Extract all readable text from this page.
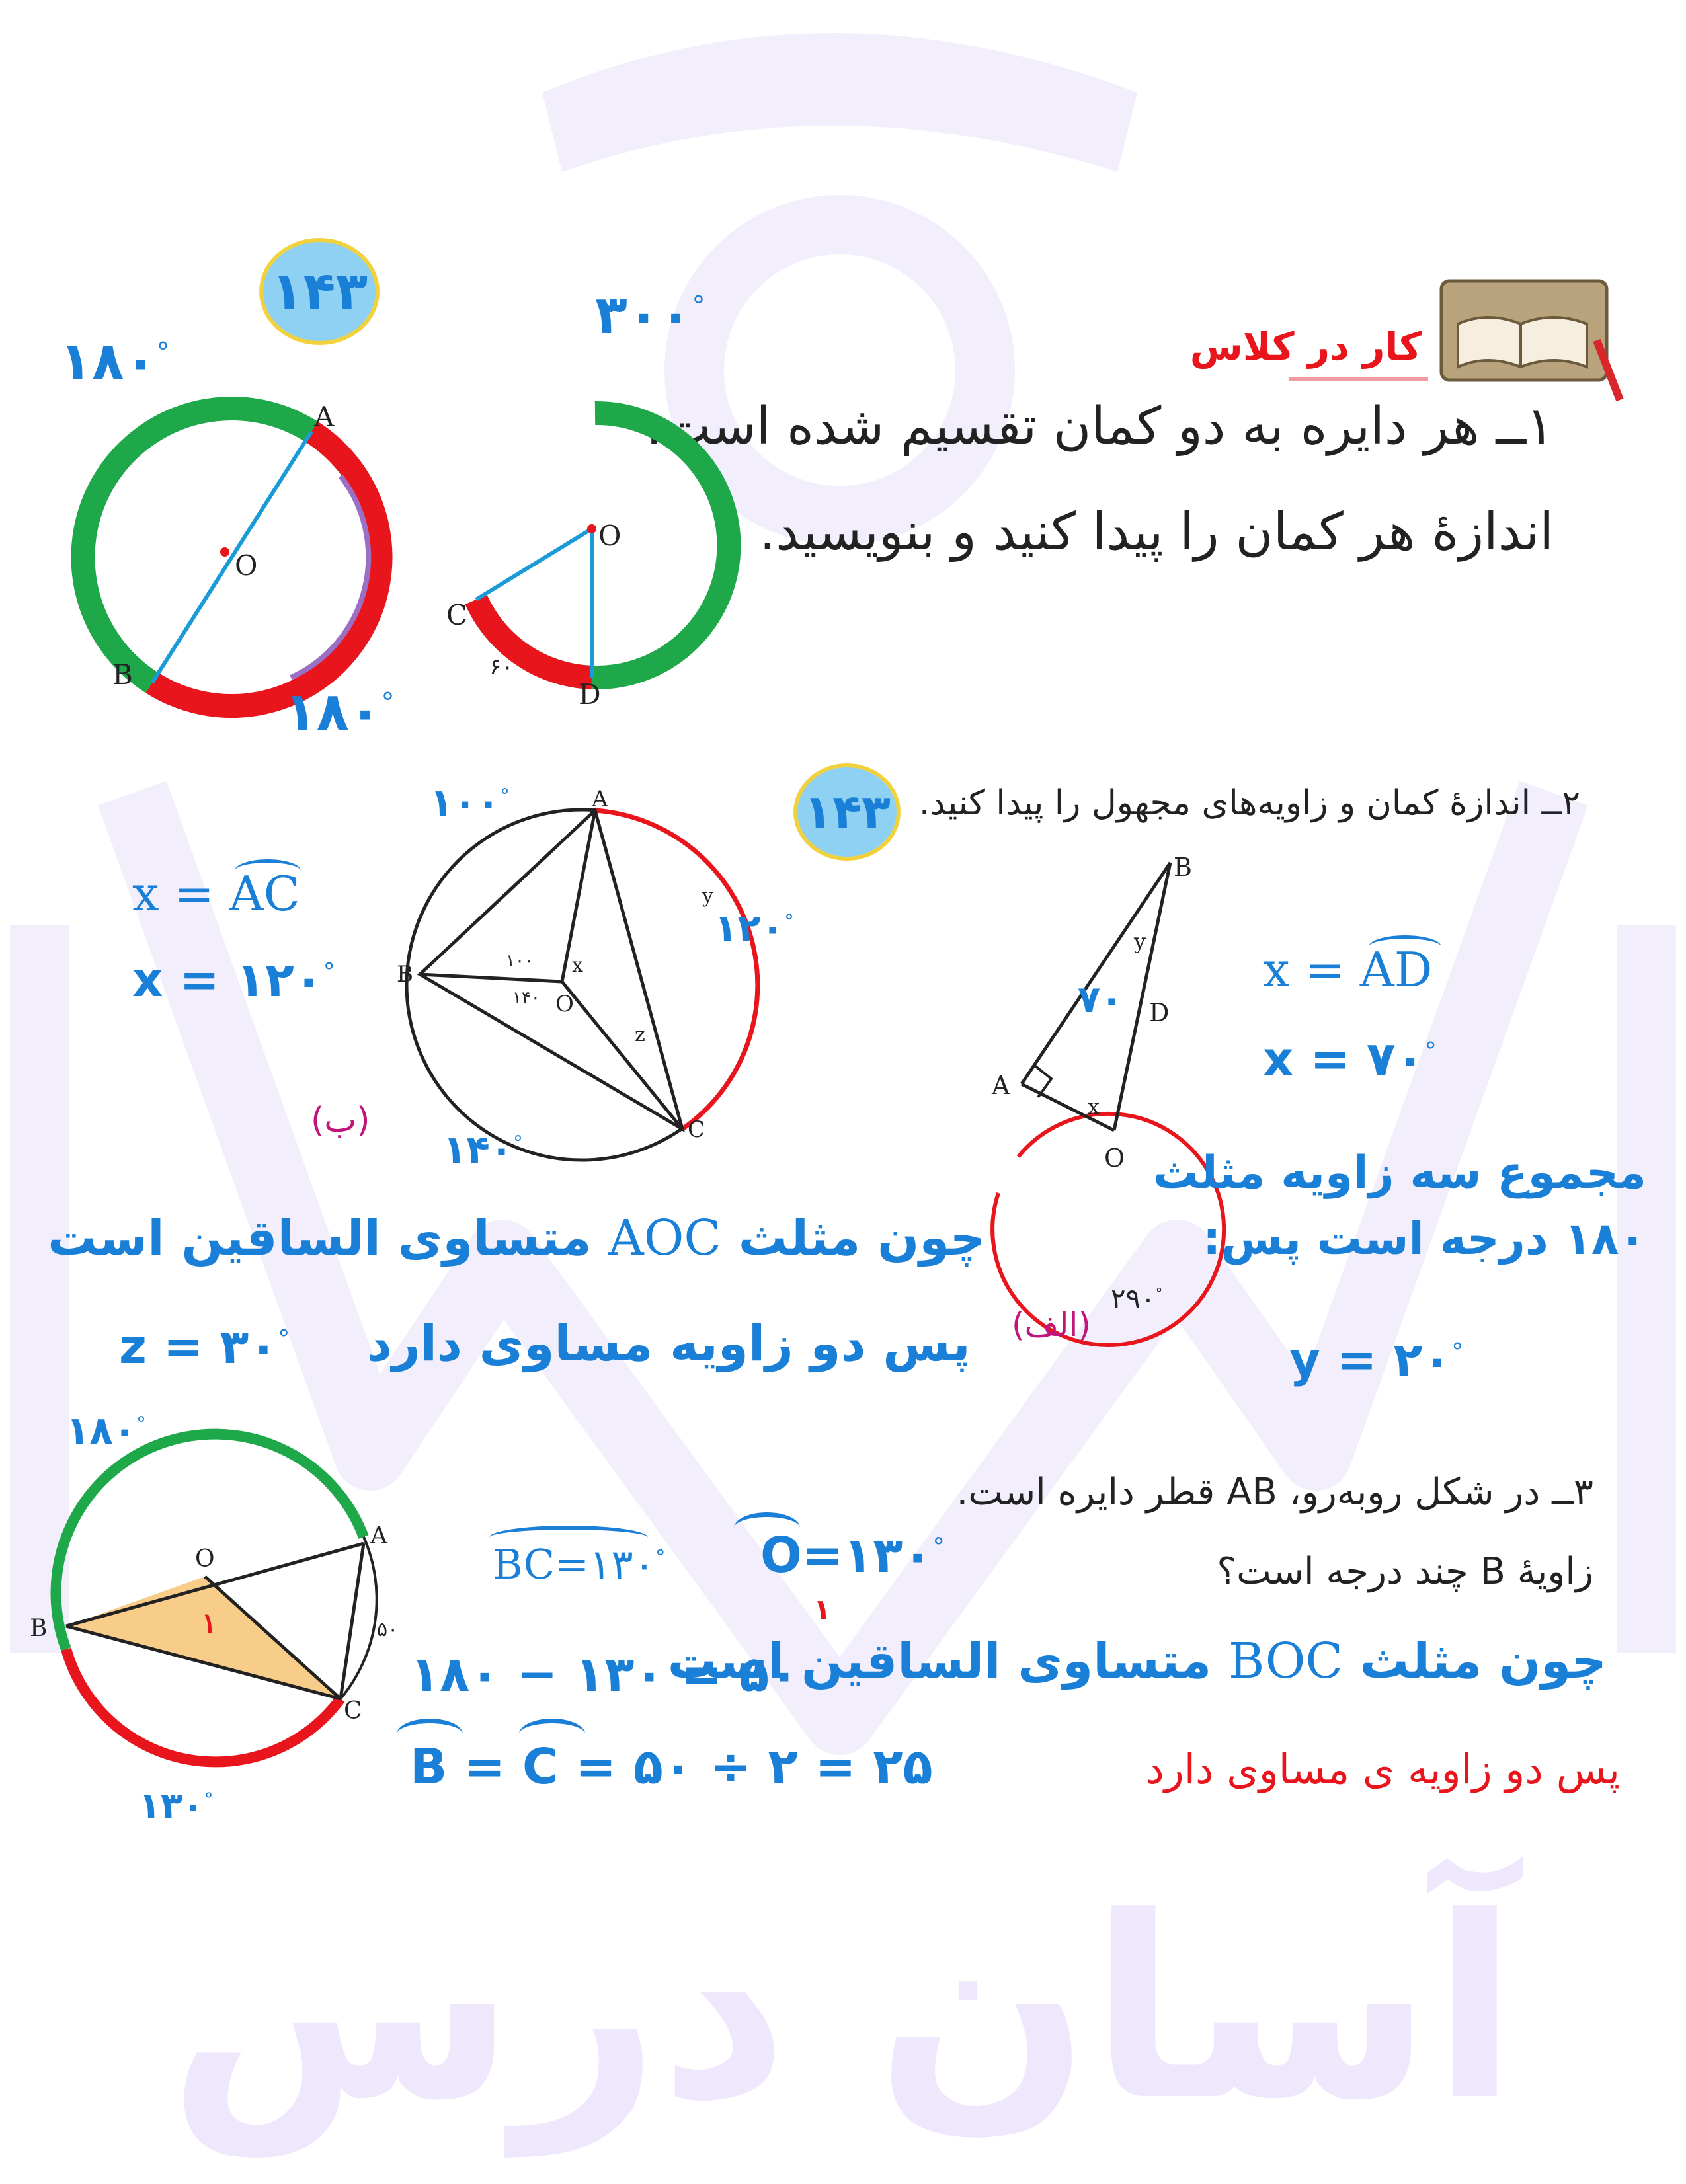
آسان درس
۱۴۳
کار در کلاس
۱ــ هر دایره به دو کمان تقسیم شده است.
اندازهٔ هر کمان را پیدا کنید و بنویسید.
A
B
O
۱۸۰°
۱۸۰°
O
C
D
۶۰
۳۰۰°
۱۴۳ ۲ــ اندازهٔ کمان و زاویه‌های مجهول را پیدا کنید.
A
B
C
O
x
y
z
۱۰۰
۱۴۰
۱۰۰°
۱۲۰°
۱۴۰°
(ب)
x = AC
x = ۱۲۰°
چون مثلث AOC متساوی الساقین است
پس دو زاویه مساوی دارد
z = ۳۰°
B
A
D
O
x
y
۷۰
۲۹۰°
(الف)
x = AD
x = ۷۰°
مجموع سه زاویه مثلث
۱۸۰ درجه است پس:
y = ۲۰°
۳ــ در شکل روبه‌رو، AB قطر دایره است.
زاویهٔ B چند درجه است؟
A
B
C
O
۱	۵۰
۱۸۰°
۱۳۰°
BC=۱۳۰° O=۱۳۰°
۱
چون مثلث BOC متساوی الساقین است
۱۸۰ − ۱۳۰ = ۵۰
B = C = ۵۰ ÷ ۲ = ۲۵	پس دو زاویه ی مساوی دارد
